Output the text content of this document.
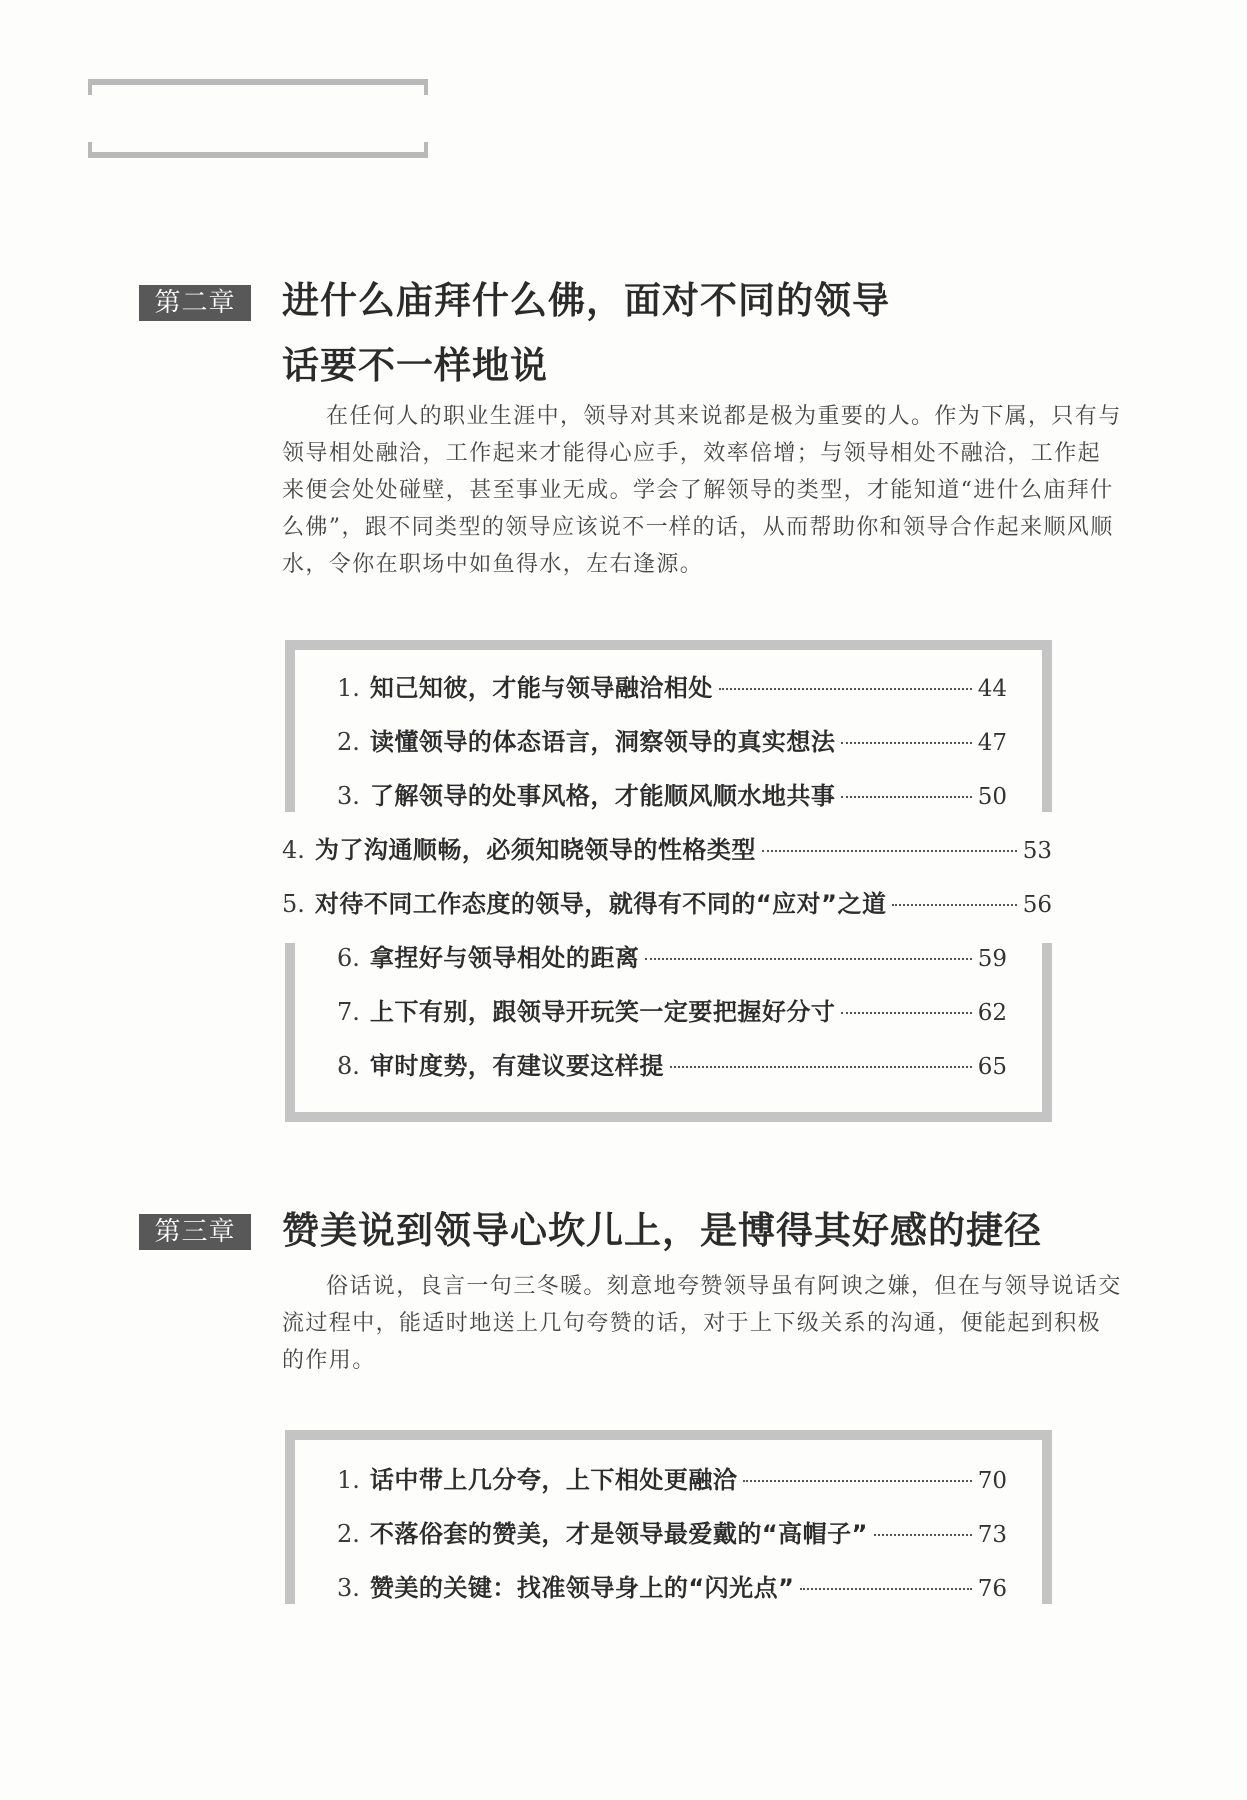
第二章	进什么庙拜什么佛，面对不同的领导
话要不一样地说

在任何人的职业生涯中，领导对其来说都是极为重要的人。作为下属，只有与领导相处融洽，工作起来才能得心应手，效率倍增；与领导相处不融洽，工作起来便会处处碰壁，甚至事业无成。学会了解领导的类型，才能知道“进什么庙拜什么佛”，跟不同类型的领导应该说不一样的话，从而帮助你和领导合作起来顺风顺水，令你在职场中如鱼得水，左右逢源。

1. 知己知彼，才能与领导融洽相处	44
2. 读懂领导的体态语言，洞察领导的真实想法	47
3. 了解领导的处事风格，才能顺风顺水地共事	50
4. 为了沟通顺畅，必须知晓领导的性格类型	53
5. 对待不同工作态度的领导，就得有不同的“应对”之道	56
6. 拿捏好与领导相处的距离	59
7. 上下有别，跟领导开玩笑一定要把握好分寸	62
8. 审时度势，有建议要这样提	65
第三章	赞美说到领导心坎儿上，是博得其好感的捷径

俗话说，良言一句三冬暖。刻意地夸赞领导虽有阿谀之嫌，但在与领导说话交流过程中，能适时地送上几句夸赞的话，对于上下级关系的沟通，便能起到积极的作用。

1. 话中带上几分夸，上下相处更融洽	70
2. 不落俗套的赞美，才是领导最爱戴的“高帽子”	73
3. 赞美的关键：找准领导身上的“闪光点”	76
